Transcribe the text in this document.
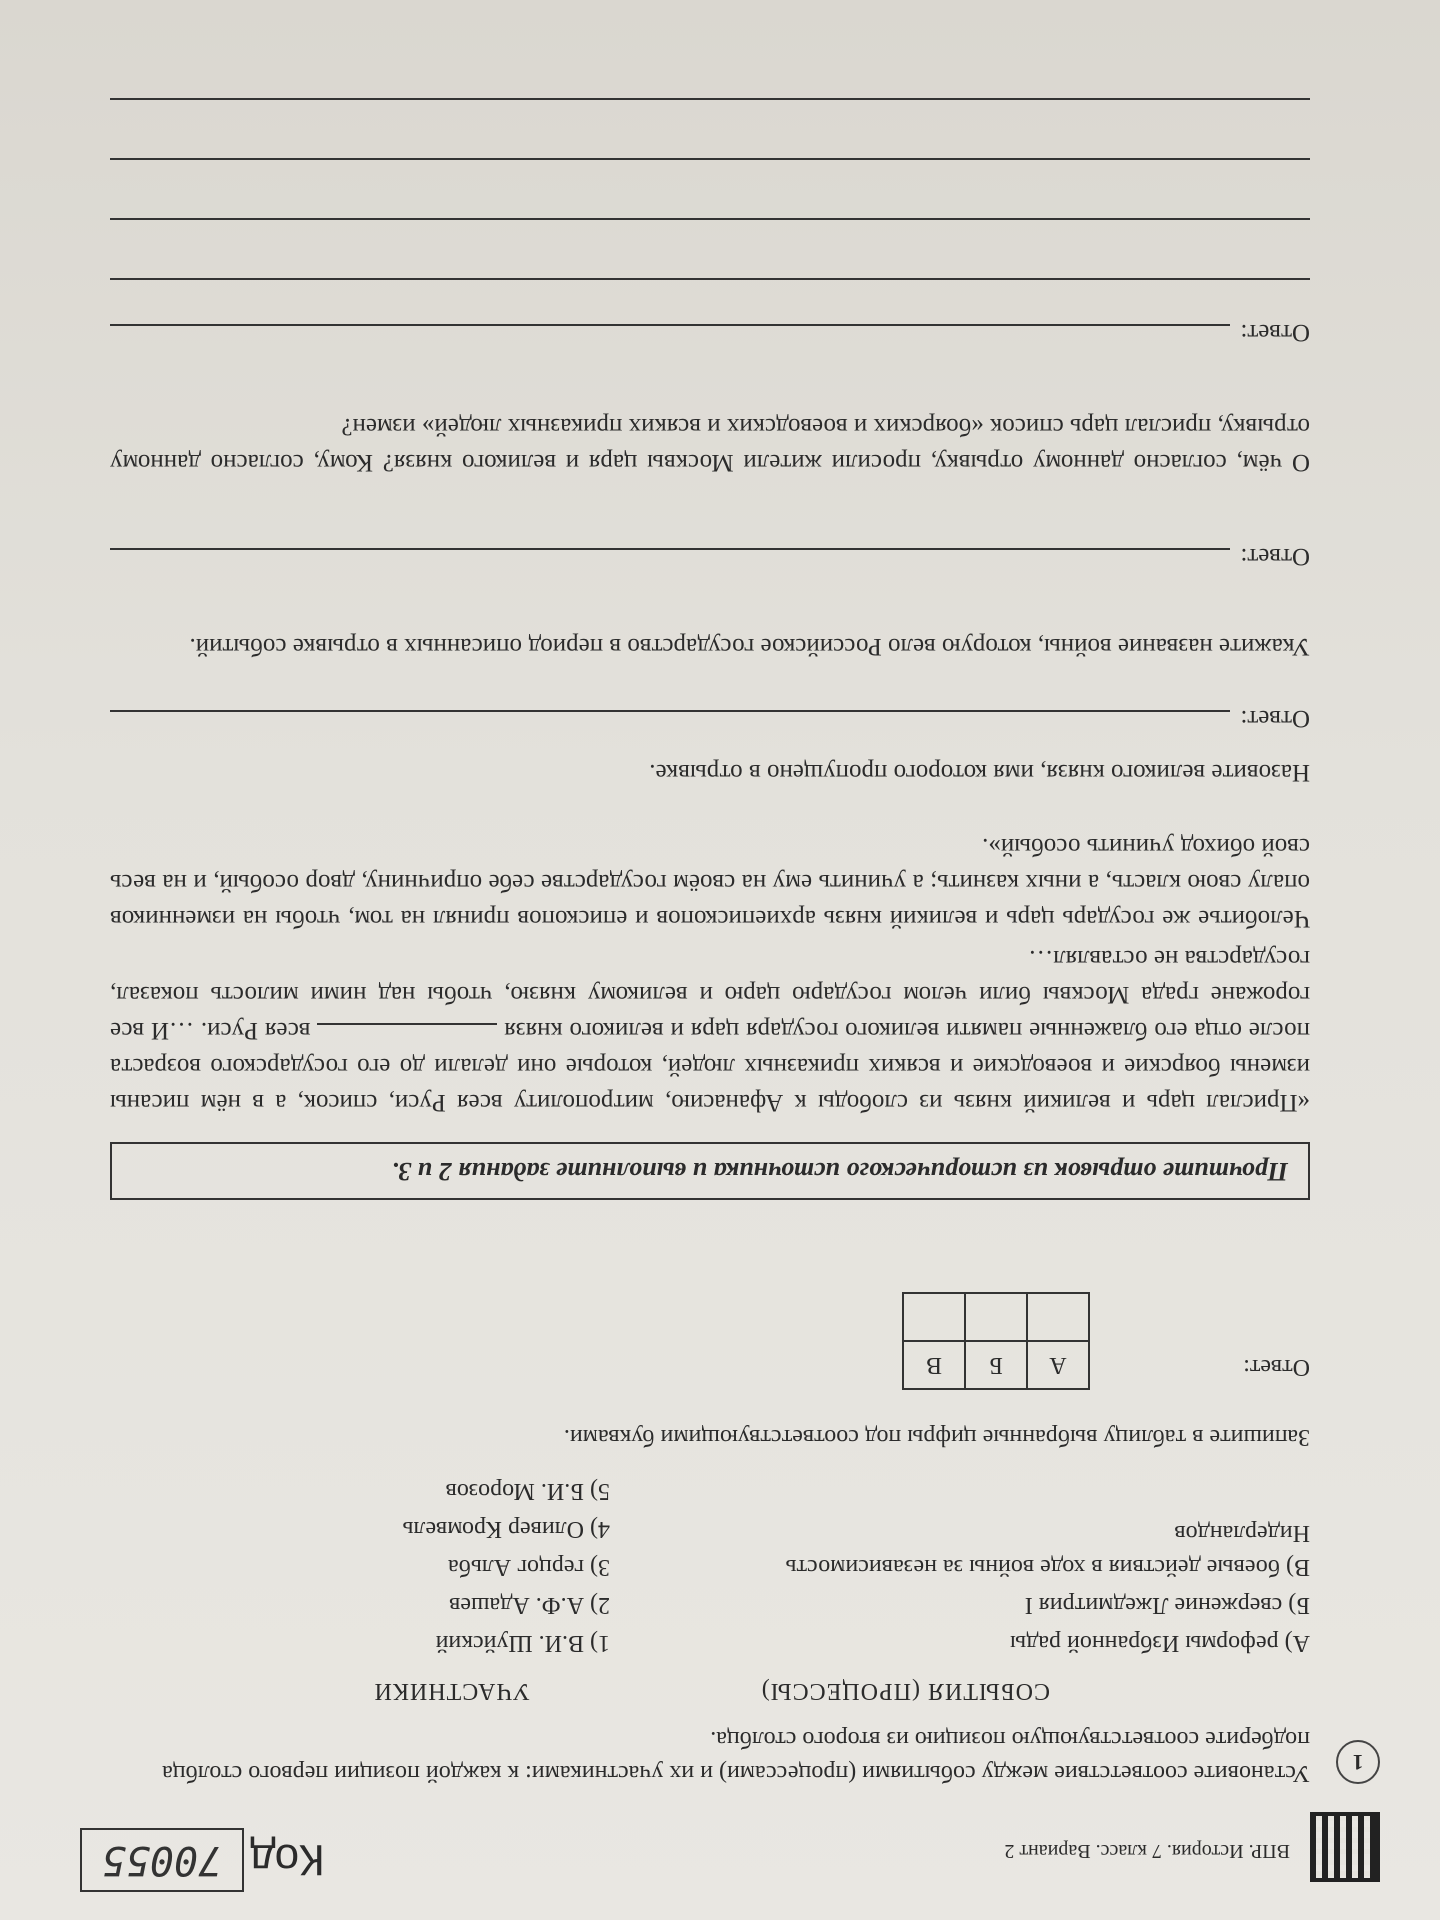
ВПР. История. 7 класс. Вариант 2
Код
70055
1
Установите соответствие между событиями (процессами) и их участниками: к каждой позиции первого столбца подберите соответствующую позицию из второго столбца.
СОБЫТИЯ (ПРОЦЕССЫ)
УЧАСТНИКИ
А) реформы Избранной рады
Б) свержение Лжедмитрия I
В) боевые действия в ходе войны за независимость Нидерландов
1) В.И. Шуйский
2) А.Ф. Адашев
3) герцог Альба
4) Оливер Кромвель
5) Б.И. Морозов
Запишите в таблицу выбранные цифры под соответствующими буквами.
Ответ:
А	Б	В

Прочтите отрывок из исторического источника и выполните задания 2 и 3.

«Прислал царь и великий князь из слободы к Афанасию, митрополиту всея Руси, список, а в нём писаны измены боярские и воеводские и всяких приказных людей, которые они делали до его государского возраста после отца его блаженные памяти великого государя царя и великого князя  всея Руси. …И все горожане града Москвы били челом государю царю и великому князю, чтобы над ними милость показал, государства не оставлял…

Челобитье же государь царь и великий князь архиепископов и епископов принял на том, чтобы на изменников опалу свою класть, а иных казнить; а учинить ему на своём государстве себе опричнину, двор особый, и на весь свой обиход учинить особый».

Назовите великого князя, имя которого пропущено в отрывке.
Ответ:
Укажите название войны, которую вело Российское государство в период описанных в отрывке событий.
Ответ:
О чём, согласно данному отрывку, просили жители Москвы царя и великого князя? Кому, согласно данному отрывку, прислал царь список «боярских и воеводских и всяких приказных людей» измен?
Ответ:
